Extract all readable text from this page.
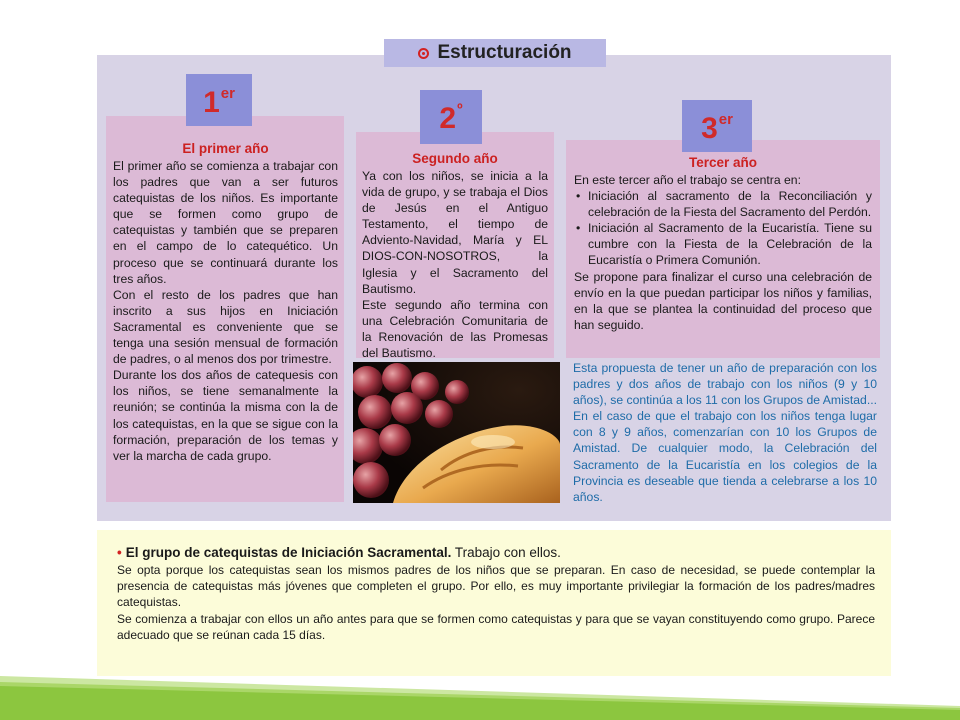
Estructuración
El primer año

El primer año se comienza a trabajar con los padres que van a ser futuros catequistas de los niños. Es importante que se formen como grupo de catequistas y también que se preparen en el campo de lo catequético. Un proceso que se continuará durante los tres años.

Con el resto de los padres que han inscrito a sus hijos en Iniciación Sacramental es conveniente que se tenga una sesión mensual de formación de padres, o al menos dos por trimestre.

Durante los dos años de catequesis con los niños, se tiene semanalmente la reunión; se continúa la misma con la de los catequistas, en la que se sigue con la formación, preparación de los temas y ver la marcha de cada grupo.

1er
Segundo año

Ya con los niños, se inicia a la vida de grupo, y se trabaja el Dios de Jesús en el Antiguo Testamento, el tiempo de Adviento-Navidad, María y EL DIOS-CON-NOSOTROS, la Iglesia y el Sacramento del Bautismo.

Este segundo año termina con una Celebración Comunitaria de la Renovación de las Promesas del Bautismo.

$2^º$
Tercer año

En este tercer año el trabajo se centra en:

• Iniciación al sacramento de la Reconciliación y celebración de la Fiesta del Sacramento del Perdón.
• Iniciación al Sacramento de la Eucaristía. Tiene su cumbre con la Fiesta de la Celebración de la Eucaristía o Primera Comunión.

Se propone para finalizar el curso una celebración de envío en la que puedan participar los niños y familias, en la que se plantea la continuidad del proceso que han seguido.

3er
Esta propuesta de tener un año de preparación con los padres y dos años de trabajo con los niños (9 y 10 años), se continúa a los 11 con los Grupos de Amistad... En el caso de que el trabajo con los niños tenga lugar con 8 y 9 años, comenzarían con 10 los Grupos de Amistad. De cualquier modo, la Celebración del Sacramento de la Eucaristía en los colegios de la Provincia es deseable que tienda a celebrarse a los 10 años.
• El grupo de catequistas de Iniciación Sacramental. Trabajo con ellos.

Se opta porque los catequistas sean los mismos padres de los niños que se preparan. En caso de necesidad, se puede contemplar la presencia de catequistas más jóvenes que completen el grupo. Por ello, es muy importante privilegiar la formación de los padres/madres catequistas.

Se comienza a trabajar con ellos un año antes para que se formen como catequistas y para que se vayan constituyendo como grupo. Parece adecuado que se reúnan cada 15 días.
